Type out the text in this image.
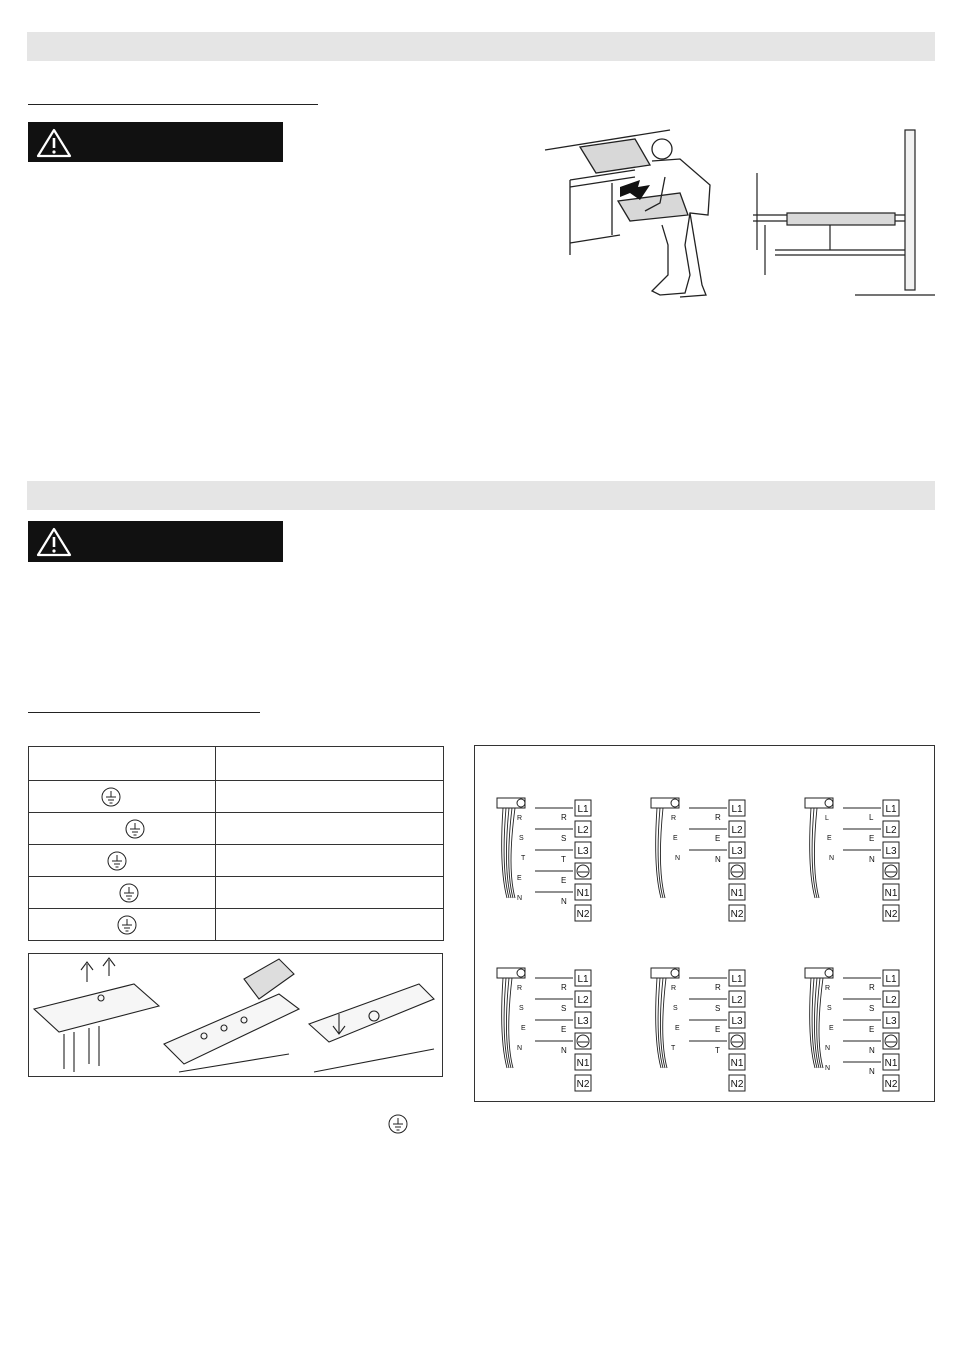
L1
L2
L3
N1
N2
R
S
T
E
N
R
S
T
E
N
L1
L2
L3
N1
N2
R
E
N
R
E
N
L1
L2
L3
N1
N2
L
E
N
L
E
N
L1
L2
L3
N1
N2
R
S
E
N
R
S
E
N
L1
L2
L3
N1
N2
R
S
E
T
R
S
E
T
L1
L2
L3
N1
N2
R
S
E
N
N
R
S
E
N
N
